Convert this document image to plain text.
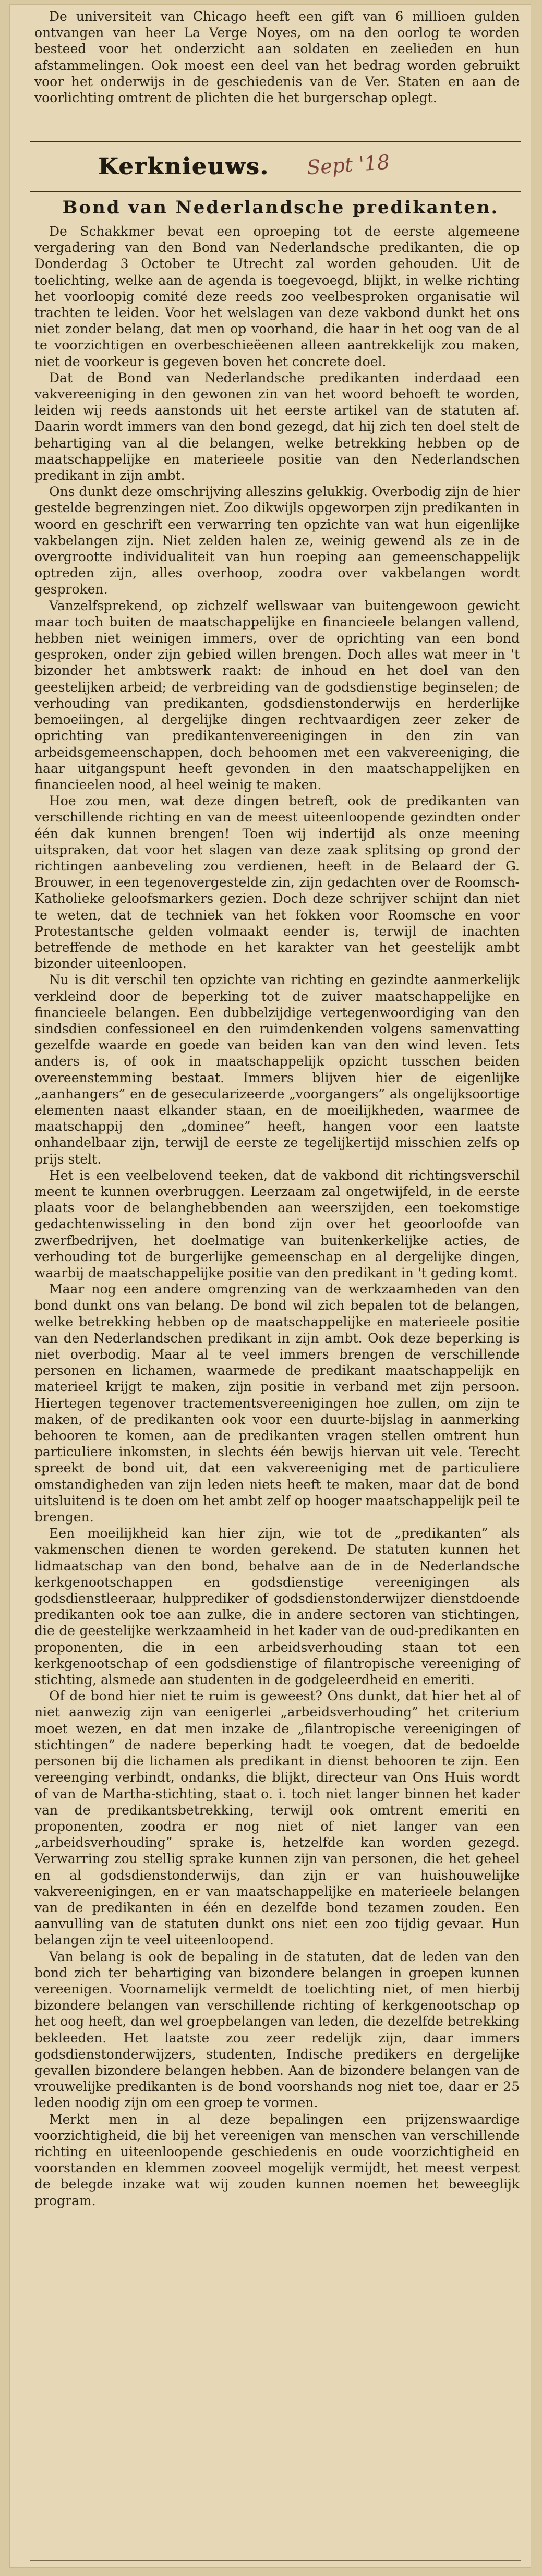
De universiteit van Chicago heeft een gift van 6 millioen gulden ontvangen van heer La Verge Noyes, om na den oorlog te worden besteed voor het onderzicht aan soldaten en zeelieden en hun afstammelingen. Ook moest een deel van het bedrag worden gebruikt voor het onderwijs in de geschiedenis van de Ver. Staten en aan de voorlichting omtrent de plichten die het burgerschap oplegt.

Kerknieuws. Sept '18
Bond van Nederlandsche predikanten.

De Schakkmer bevat een oproeping tot de eerste algemeene vergadering van den Bond van Nederlandsche predikanten, die op Donderdag 3 October te Utrecht zal worden gehouden. Uit de toelichting, welke aan de agenda is toegevoegd, blijkt, in welke richting het voorloopig comité deze reeds zoo veelbesproken organisatie wil trachten te leiden. Voor het welslagen van deze vakbond dunkt het ons niet zonder belang, dat men op voorhand, die haar in het oog van de al te voorzichtigen en overbeschieëenen alleen aantrekkelijk zou maken, niet de voorkeur is gegeven boven het concrete doel.

Dat de Bond van Nederlandsche predikanten inderdaad een vakvereeniging in den gewonen zin van het woord behoeft te worden, leiden wij reeds aanstonds uit het eerste artikel van de statuten af. Daarin wordt immers van den bond gezegd, dat hij zich ten doel stelt de behartiging van al die belangen, welke betrekking hebben op de maatschappelijke en materieele positie van den Nederlandschen predikant in zijn ambt.

Ons dunkt deze omschrijving alleszins gelukkig. Overbodig zijn de hier gestelde begrenzingen niet. Zoo dikwijls opgeworpen zijn predikanten in woord en geschrift een verwarring ten opzichte van wat hun eigenlijke vakbelangen zijn. Niet zelden halen ze, weinig gewend als ze in de overgrootte individualiteit van hun roeping aan gemeenschappelijk optreden zijn, alles overhoop, zoodra over vakbelangen wordt gesproken.

Vanzelfsprekend, op zichzelf wellswaar van buitengewoon gewicht maar toch buiten de maatschappelijke en financieele belangen vallend, hebben niet weinigen immers, over de oprichting van een bond gesproken, onder zijn gebied willen brengen. Doch alles wat meer in 't bizonder het ambtswerk raakt: de inhoud en het doel van den geestelijken arbeid; de verbreiding van de godsdienstige beginselen; de verhouding van predikanten, godsdienstonderwijs en herderlijke bemoeiingen, al dergelijke dingen rechtvaardigen zeer zeker de oprichting van predikantenvereenigingen in den zin van arbeidsgemeenschappen, doch behoomen met een vakvereeniging, die haar uitgangspunt heeft gevonden in den maatschappelijken en financieelen nood, al heel weinig te maken.

Hoe zou men, wat deze dingen betreft, ook de predikanten van verschillende richting en van de meest uiteenloopende gezindten onder één dak kunnen brengen! Toen wij indertijd als onze meening uitspraken, dat voor het slagen van deze zaak splitsing op grond der richtingen aanbeveling zou verdienen, heeft in de Belaard der G. Brouwer, in een tegenovergestelde zin, zijn gedachten over de Roomsch-Katholieke geloofsmarkers gezien. Doch deze schrijver schijnt dan niet te weten, dat de techniek van het fokken voor Roomsche en voor Protestantsche gelden volmaakt eender is, terwijl de inachten betreffende de methode en het karakter van het geestelijk ambt bizonder uiteenloopen.

Nu is dit verschil ten opzichte van richting en gezindte aanmerkelijk verkleind door de beperking tot de zuiver maatschappelijke en financieele belangen. Een dubbelzijdige vertegenwoordiging van den sindsdien confessioneel en den ruimdenkenden volgens samenvatting gezelfde waarde en goede van beiden kan van den wind leven. Iets anders is, of ook in maatschappelijk opzicht tusschen beiden overeenstemming bestaat. Immers blijven hier de eigenlijke „aanhangers” en de gesecularizeerde „voorgangers” als ongelijksoortige elementen naast elkander staan, en de moeilijkheden, waarmee de maatschappij den „dominee” heeft, hangen voor een laatste onhandelbaar zijn, terwijl de eerste ze tegelijkertijd misschien zelfs op prijs stelt.

Het is een veelbelovend teeken, dat de vakbond dit richtingsverschil meent te kunnen overbruggen. Leerzaam zal ongetwijfeld, in de eerste plaats voor de belanghebbenden aan weerszijden, een toekomstige gedachtenwisseling in den bond zijn over het geoorloofde van zwerfbedrijven, het doelmatige van buitenkerkelijke acties, de verhouding tot de burgerlijke gemeenschap en al dergelijke dingen, waarbij de maatschappelijke positie van den predikant in 't geding komt.

Maar nog een andere omgrenzing van de werkzaamheden van den bond dunkt ons van belang. De bond wil zich bepalen tot de belangen, welke betrekking hebben op de maatschappelijke en materieele positie van den Nederlandschen predikant in zijn ambt. Ook deze beperking is niet overbodig. Maar al te veel immers brengen de verschillende personen en lichamen, waarmede de predikant maatschappelijk en materieel krijgt te maken, zijn positie in verband met zijn persoon. Hiertegen tegenover tractementsvereenigingen hoe zullen, om zijn te maken, of de predikanten ook voor een duurte-bijslag in aanmerking behooren te komen, aan de predikanten vragen stellen omtrent hun particuliere inkomsten, in slechts één bewijs hiervan uit vele. Terecht spreekt de bond uit, dat een vakvereeniging met de particuliere omstandigheden van zijn leden niets heeft te maken, maar dat de bond uitsluitend is te doen om het ambt zelf op hooger maatschappelijk peil te brengen.

Een moeilijkheid kan hier zijn, wie tot de „predikanten” als vakmenschen dienen te worden gerekend. De statuten kunnen het lidmaatschap van den bond, behalve aan de in de Nederlandsche kerkgenootschappen en godsdienstige vereenigingen als godsdienstleeraar, hulpprediker of godsdienstonderwijzer dienstdoende predikanten ook toe aan zulke, die in andere sectoren van stichtingen, die de geestelijke werkzaamheid in het kader van de oud-predikanten en proponenten, die in een arbeidsverhouding staan tot een kerkgenootschap of een godsdienstige of filantropische vereeniging of stichting, alsmede aan studenten in de godgeleerdheid en emeriti.

Of de bond hier niet te ruim is geweest? Ons dunkt, dat hier het al of niet aanwezig zijn van eenigerlei „arbeidsverhouding” het criterium moet wezen, en dat men inzake de „filantropische vereenigingen of stichtingen” de nadere beperking hadt te voegen, dat de bedoelde personen bij die lichamen als predikant in dienst behooren te zijn. Een vereenging verbindt, ondanks, die blijkt, directeur van Ons Huis wordt of van de Martha-stichting, staat o. i. toch niet langer binnen het kader van de predikantsbetrekking, terwijl ook omtrent emeriti en proponenten, zoodra er nog niet of niet langer van een „arbeidsverhouding” sprake is, hetzelfde kan worden gezegd. Verwarring zou stellig sprake kunnen zijn van personen, die het geheel en al godsdienstonderwijs, dan zijn er van huishouwelijke vakvereenigingen, en er van maatschappelijke en materieele belangen van de predikanten in één en dezelfde bond tezamen zouden. Een aanvulling van de statuten dunkt ons niet een zoo tijdig gevaar. Hun belangen zijn te veel uiteenloopend.

Van belang is ook de bepaling in de statuten, dat de leden van den bond zich ter behartiging van bizondere belangen in groepen kunnen vereenigen. Voornamelijk vermeldt de toelichting niet, of men hierbij bizondere belangen van verschillende richting of kerkgenootschap op het oog heeft, dan wel groepbelangen van leden, die dezelfde betrekking bekleeden. Het laatste zou zeer redelijk zijn, daar immers godsdienstonderwijzers, studenten, Indische predikers en dergelijke gevallen bizondere belangen hebben. Aan de bizondere belangen van de vrouwelijke predikanten is de bond voorshands nog niet toe, daar er 25 leden noodig zijn om een groep te vormen.

Merkt men in al deze bepalingen een prijzenswaardige voorzichtigheid, die bij het vereenigen van menschen van verschillende richting en uiteenloopende geschiedenis en oude voorzichtigheid en voorstanden en klemmen zooveel mogelijk vermijdt, het meest verpest de belegde inzake wat wij zouden kunnen noemen het beweeglijk program.
